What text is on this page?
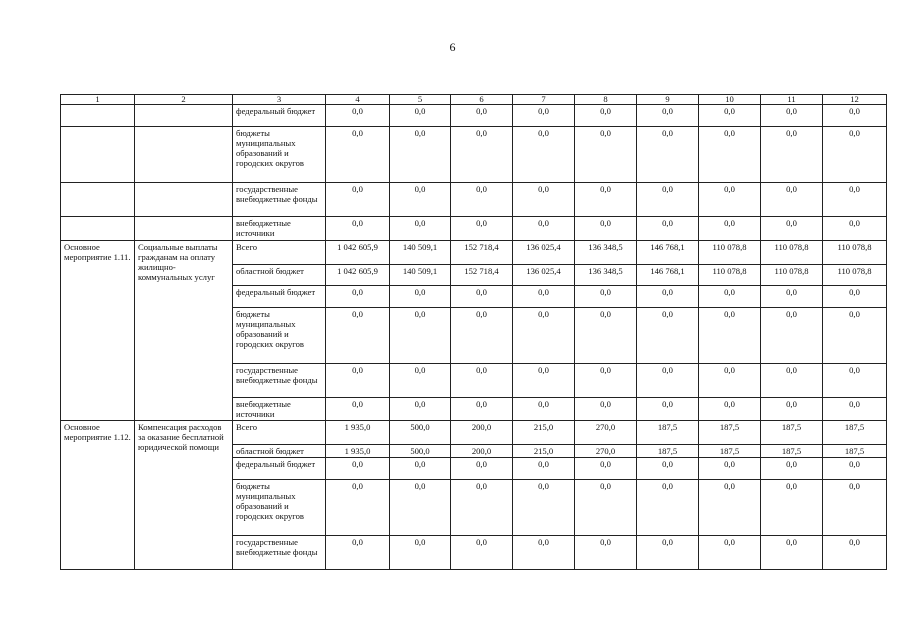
6
1	2	3	4	5	6	7	8	9	10	11	12
		федеральный бюджет	0,0	0,0	0,0	0,0	0,0	0,0	0,0	0,0	0,0
		бюджеты муниципальных образований и городских округов	0,0	0,0	0,0	0,0	0,0	0,0	0,0	0,0	0,0
		государственные внебюджетные фонды	0,0	0,0	0,0	0,0	0,0	0,0	0,0	0,0	0,0
		внебюджетные источники	0,0	0,0	0,0	0,0	0,0	0,0	0,0	0,0	0,0
Основное мероприятие 1.11.	Социальные выплаты гражданам на оплату жилищно-коммунальных услуг	Всего	1 042 605,9	140 509,1	152 718,4	136 025,4	136 348,5	146 768,1	110 078,8	110 078,8	110 078,8
		областной бюджет	1 042 605,9	140 509,1	152 718,4	136 025,4	136 348,5	146 768,1	110 078,8	110 078,8	110 078,8
		федеральный бюджет	0,0	0,0	0,0	0,0	0,0	0,0	0,0	0,0	0,0
		бюджеты муниципальных образований и городских округов	0,0	0,0	0,0	0,0	0,0	0,0	0,0	0,0	0,0
		государственные внебюджетные фонды	0,0	0,0	0,0	0,0	0,0	0,0	0,0	0,0	0,0
		внебюджетные источники	0,0	0,0	0,0	0,0	0,0	0,0	0,0	0,0	0,0
Основное мероприятие 1.12.	Компенсация расходов за оказание бесплатной юридической помощи	Всего	1 935,0	500,0	200,0	215,0	270,0	187,5	187,5	187,5	187,5
		областной бюджет	1 935,0	500,0	200,0	215,0	270,0	187,5	187,5	187,5	187,5
		федеральный бюджет	0,0	0,0	0,0	0,0	0,0	0,0	0,0	0,0	0,0
		бюджеты муниципальных образований и городских округов	0,0	0,0	0,0	0,0	0,0	0,0	0,0	0,0	0,0
		государственные внебюджетные фонды	0,0	0,0	0,0	0,0	0,0	0,0	0,0	0,0	0,0
